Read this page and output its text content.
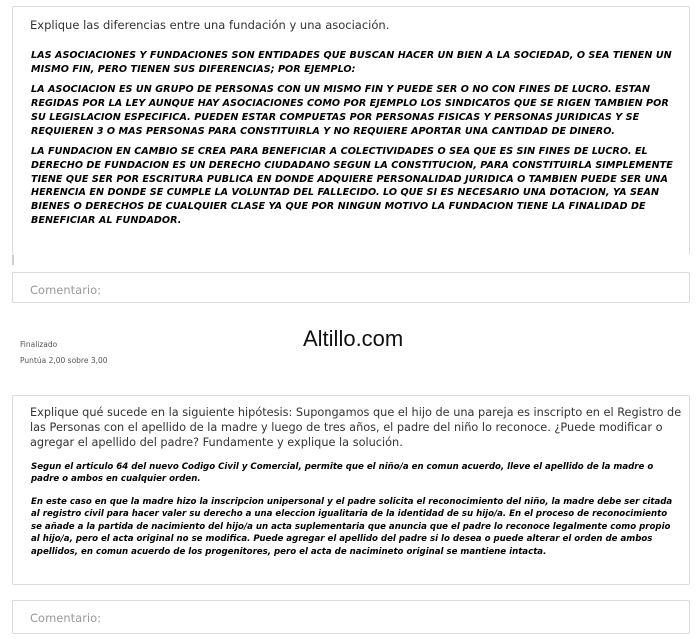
Explique las diferencias entre una fundación y una asociación.

LAS ASOCIACIONES Y FUNDACIONES SON ENTIDADES QUE BUSCAN HACER UN BIEN A LA SOCIEDAD, O SEA TIENEN UN MISMO FIN, PERO TIENEN SUS DIFERENCIAS; POR EJEMPLO:

LA ASOCIACION ES UN GRUPO DE PERSONAS CON UN MISMO FIN Y PUEDE SER O NO CON FINES DE LUCRO. ESTAN REGIDAS POR LA LEY AUNQUE HAY ASOCIACIONES COMO POR EJEMPLO LOS SINDICATOS QUE SE RIGEN TAMBIEN POR SU LEGISLACION ESPECIFICA. PUEDEN ESTAR COMPUETAS POR PERSONAS FISICAS Y PERSONAS JURIDICAS Y SE REQUIEREN 3 O MAS PERSONAS PARA CONSTITUIRLA Y NO REQUIERE APORTAR UNA CANTIDAD DE DINERO.

LA FUNDACION EN CAMBIO SE CREA PARA BENEFICIAR A COLECTIVIDADES O SEA QUE ES SIN FINES DE LUCRO. EL DERECHO DE FUNDACION ES UN DERECHO CIUDADANO SEGUN LA CONSTITUCION, PARA CONSTITUIRLA SIMPLEMENTE TIENE QUE SER POR ESCRITURA PUBLICA EN DONDE ADQUIERE PERSONALIDAD JURIDICA O TAMBIEN PUEDE SER UNA HERENCIA EN DONDE SE CUMPLE LA VOLUNTAD DEL FALLECIDO. LO QUE SI ES NECESARIO UNA DOTACION, YA SEAN BIENES O DERECHOS DE CUALQUIER CLASE YA QUE POR NINGUN MOTIVO LA FUNDACION TIENE LA FINALIDAD DE BENEFICIAR AL FUNDADOR.

Comentario:
Finalizado
Puntúa 2,00 sobre 3,00
Altillo.com
Explique qué sucede en la siguiente hipótesis: Supongamos que el hijo de una pareja es inscripto en el Registro de las Personas con el apellido de la madre y luego de tres años, el padre del niño lo reconoce. ¿Puede modificar o agregar el apellido del padre? Fundamente y explique la solución.

Segun el articulo 64 del nuevo Codigo Civil y Comercial, permite que el niño/a en comun acuerdo, lleve el apellido de la madre o padre o ambos en cualquier orden.

En este caso en que la madre hizo la inscripcion unipersonal y el padre solicita el reconocimiento del niño, la madre debe ser citada al registro civil para hacer valer su derecho a una eleccion igualitaria de la identidad de su hijo/a. En el proceso de reconocimiento se añade a la partida de nacimiento del hijo/a un acta suplementaria que anuncia que el padre lo reconoce legalmente como propio al hijo/a, pero el acta original no se modifica. Puede agregar el apellido del padre si lo desea o puede alterar el orden de ambos apellidos, en comun acuerdo de los progenitores, pero el acta de nacimineto original se mantiene intacta.

Comentario:
